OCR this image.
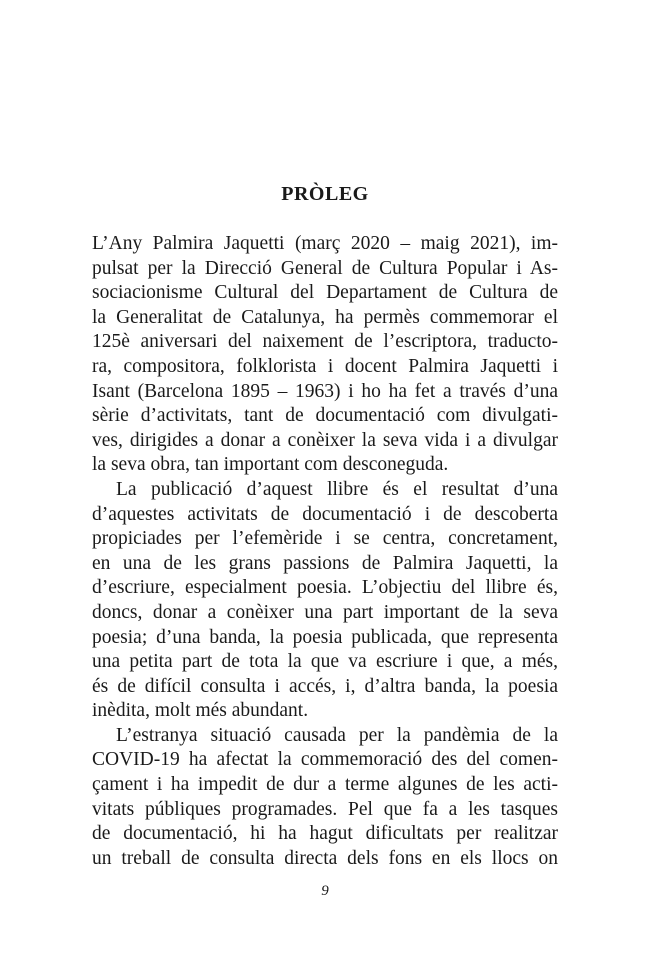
PRÒLEG
L’Any Palmira Jaquetti (març 2020 – maig 2021), im-
pulsat per la Direcció General de Cultura Popular i As-
sociacionisme Cultural del Departament de Cultura de
la Generalitat de Catalunya, ha permès commemorar el
125è aniversari del naixement de l’escriptora, traducto-
ra, compositora, folklorista i docent Palmira Jaquetti i
Isant (Barcelona 1895 – 1963) i ho ha fet a través d’una
sèrie d’activitats, tant de documentació com divulgati-
ves, dirigides a donar a conèixer la seva vida i a divulgar
la seva obra, tan important com desconeguda.
La publicació d’aquest llibre és el resultat d’una
d’aquestes activitats de documentació i de descoberta
propiciades per l’efemèride i se centra, concretament,
en una de les grans passions de Palmira Jaquetti, la
d’escriure, especialment poesia. L’objectiu del llibre és,
doncs, donar a conèixer una part important de la seva
poesia; d’una banda, la poesia publicada, que representa
una petita part de tota la que va escriure i que, a més,
és de difícil consulta i accés, i, d’altra banda, la poesia
inèdita, molt més abundant.
L’estranya situació causada per la pandèmia de la
COVID-19 ha afectat la commemoració des del comen-
çament i ha impedit de dur a terme algunes de les acti-
vitats públiques programades. Pel que fa a les tasques
de documentació, hi ha hagut dificultats per realitzar
un treball de consulta directa dels fons en els llocs on
9
